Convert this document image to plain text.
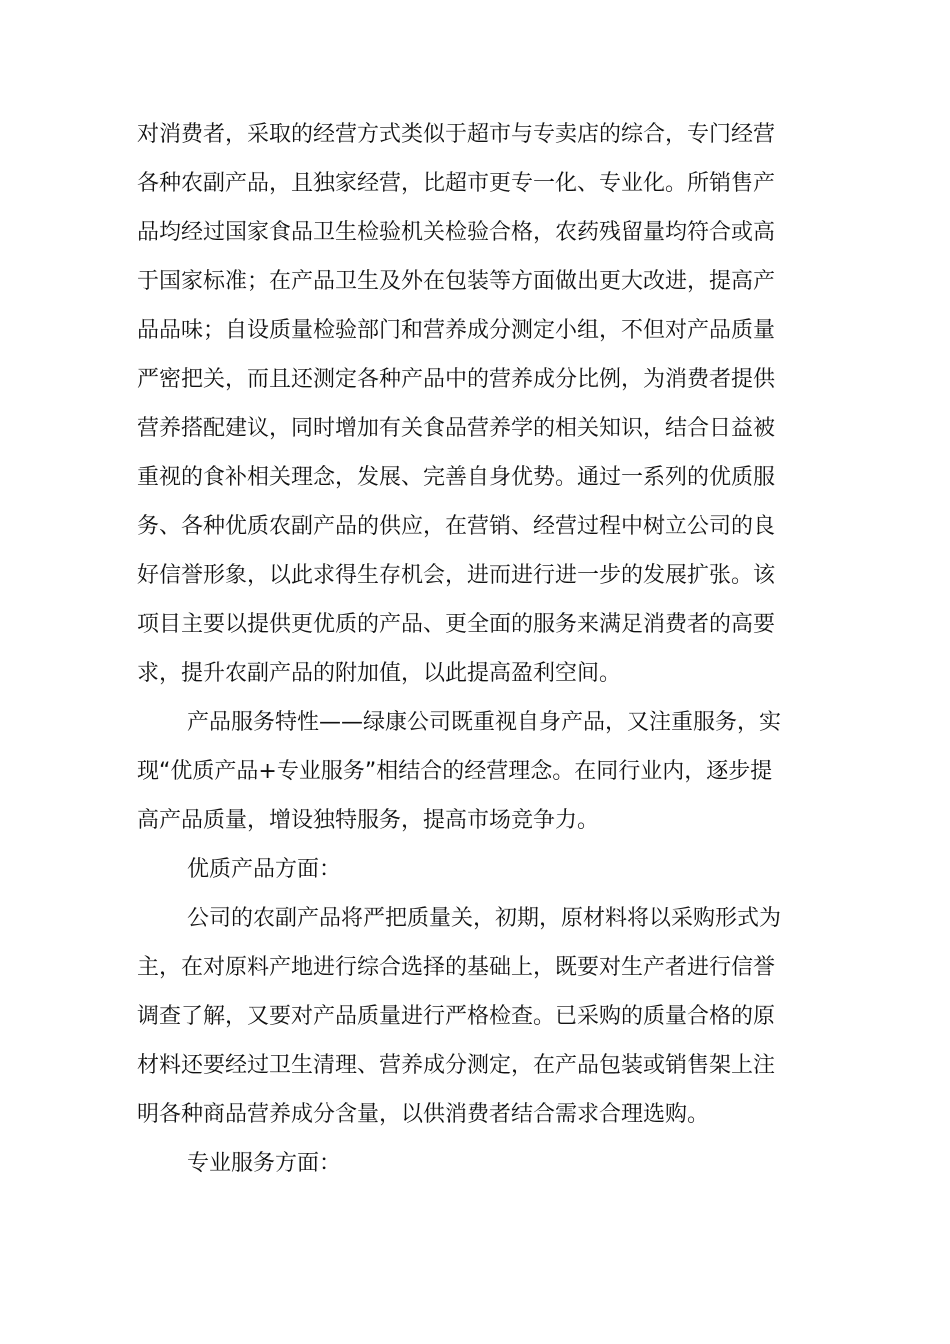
对消费者，采取的经营方式类似于超市与专卖店的综合，专门经营
各种农副产品，且独家经营，比超市更专一化、专业化。所销售产
品均经过国家食品卫生检验机关检验合格，农药残留量均符合或高
于国家标准；在产品卫生及外在包装等方面做出更大改进，提高产
品品味；自设质量检验部门和营养成分测定小组，不但对产品质量
严密把关，而且还测定各种产品中的营养成分比例，为消费者提供
营养搭配建议，同时增加有关食品营养学的相关知识，结合日益被
重视的食补相关理念，发展、完善自身优势。通过一系列的优质服
务、各种优质农副产品的供应，在营销、经营过程中树立公司的良
好信誉形象，以此求得生存机会，进而进行进一步的发展扩张。该
项目主要以提供更优质的产品、更全面的服务来满足消费者的高要
求，提升农副产品的附加值，以此提高盈利空间。
产品服务特性——绿康公司既重视自身产品，又注重服务，实
现“优质产品+专业服务”相结合的经营理念。在同行业内，逐步提
高产品质量，增设独特服务，提高市场竞争力。
优质产品方面：
公司的农副产品将严把质量关，初期，原材料将以采购形式为
主，在对原料产地进行综合选择的基础上，既要对生产者进行信誉
调查了解，又要对产品质量进行严格检查。已采购的质量合格的原
材料还要经过卫生清理、营养成分测定，在产品包装或销售架上注
明各种商品营养成分含量，以供消费者结合需求合理选购。
专业服务方面：
